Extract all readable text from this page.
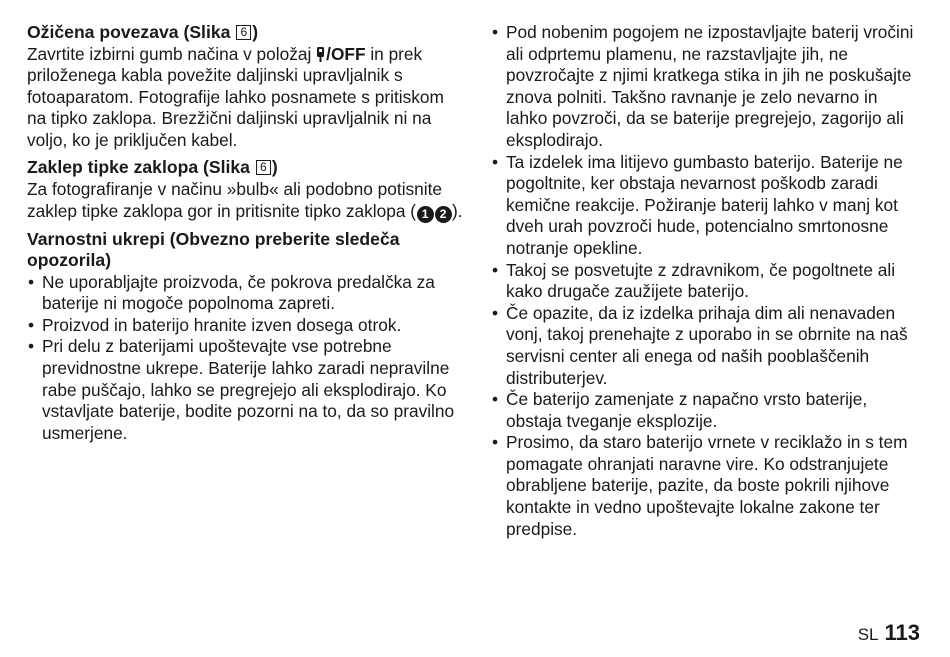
Ožičena povezava (Slika 6 )

Zavrtite izbirni gumb načina v položaj /OFF in prek priloženega kabla povežite daljinski upravljalnik s fotoaparatom. Fotografije lahko posnamete s pritiskom na tipko zaklopa. Brezžični daljinski upravljalnik ni na voljo, ko je priključen kabel.

Zaklep tipke zaklopa (Slika 6 )

Za fotografiranje v načinu »bulb« ali podobno potisnite zaklep tipke zaklopa gor in pritisnite tipko zaklopa ( 1 2 ).

Varnostni ukrepi (Obvezno preberite sledeča opozorila)

• Ne uporabljajte proizvoda, če pokrova predalčka za baterije ni mogoče popolnoma zapreti.
• Proizvod in baterijo hranite izven dosega otrok.
• Pri delu z baterijami upoštevajte vse potrebne previdnostne ukrepe. Baterije lahko zaradi nepravilne rabe puščajo, lahko se pregrejejo ali eksplodirajo. Ko vstavljate baterije, bodite pozorni na to, da so pravilno usmerjene.
• Pod nobenim pogojem ne izpostavljajte baterij vročini ali odprtemu plamenu, ne razstavljajte jih, ne povzročajte z njimi kratkega stika in jih ne poskušajte znova polniti. Takšno ravnanje je zelo nevarno in lahko povzroči, da se baterije pregrejejo, zagorijo ali eksplodirajo.
• Ta izdelek ima litijevo gumbasto baterijo. Baterije ne pogoltnite, ker obstaja nevarnost poškodb zaradi kemične reakcije. Požiranje baterij lahko v manj kot dveh urah povzroči hude, potencialno smrtonosne notranje opekline.
• Takoj se posvetujte z zdravnikom, če pogoltnete ali kako drugače zaužijete baterijo.
• Če opazite, da iz izdelka prihaja dim ali nenavaden vonj, takoj prenehajte z uporabo in se obrnite na naš servisni center ali enega od naših pooblaščenih distributerjev.
• Če baterijo zamenjate z napačno vrsto baterije, obstaja tveganje eksplozije.
• Prosimo, da staro baterijo vrnete v reciklažo in s tem pomagate ohranjati naravne vire. Ko odstranjujete obrabljene baterije, pazite, da boste pokrili njihove kontakte in vedno upoštevajte lokalne zakone ter predpise.
SL 113
